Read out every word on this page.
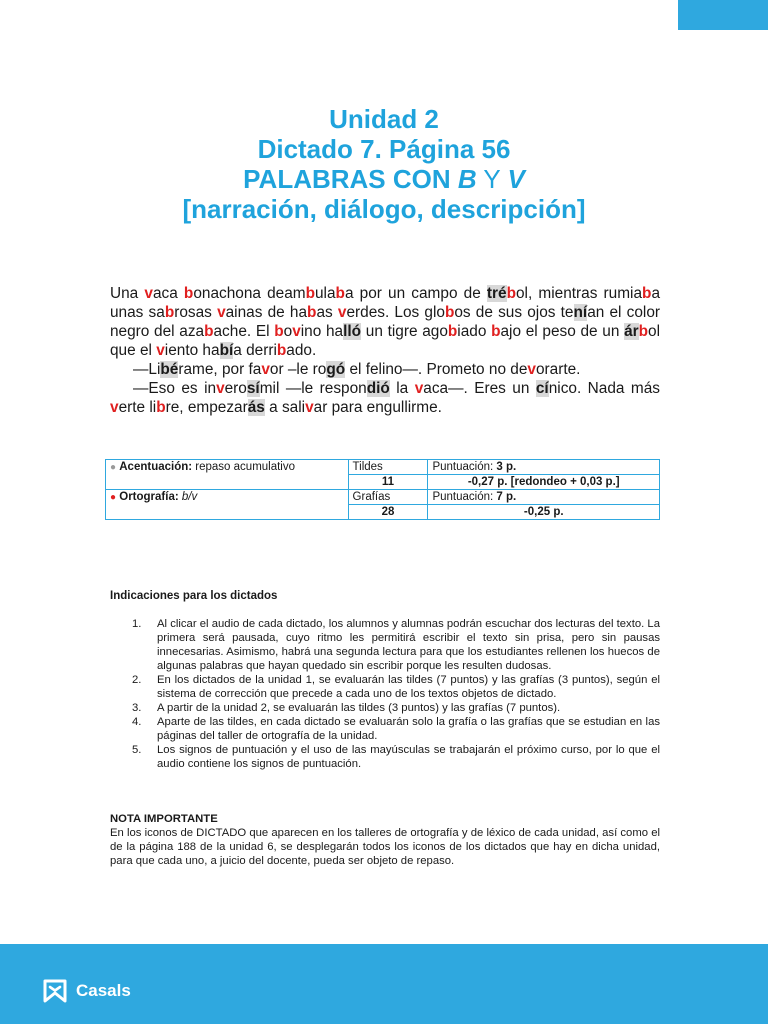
Unidad 2
Dictado 7. Página 56
PALABRAS CON B Y V
[narración, diálogo, descripción]

Una vaca bonachona deambulaba por un campo de trébol, mientras rumiaba unas sabrosas vainas de habas verdes. Los globos de sus ojos tenían el color negro del azabache. El bovino halló un tigre agobiado bajo el peso de un árbol que el viento había derribado.

—Libérame, por favor –le rogó el felino—. Prometo no devorarte.

—Eso es inverosímil —le respondió la vaca—. Eres un cínico. Nada más verte libre, empezarás a salivar para engullirme.

● Acentuación: repaso acumulativo	Tildes	Puntuación: 3 p.
	11	-0,27 p. [redondeo + 0,03 p.]
● Ortografía: b/v	Grafías	Puntuación: 7 p.
	28	-0,25 p.
Indicaciones para los dictados
1. Al clicar el audio de cada dictado, los alumnos y alumnas podrán escuchar dos lecturas del texto. La primera será pausada, cuyo ritmo les permitirá escribir el texto sin prisa, pero sin pausas innecesarias. Asimismo, habrá una segunda lectura para que los estudiantes rellenen los huecos de algunas palabras que hayan quedado sin escribir porque les resulten dudosas.
2. En los dictados de la unidad 1, se evaluarán las tildes (7 puntos) y las grafías (3 puntos), según el sistema de corrección que precede a cada uno de los textos objetos de dictado.
3. A partir de la unidad 2, se evaluarán las tildes (3 puntos) y las grafías (7 puntos).
4. Aparte de las tildes, en cada dictado se evaluarán solo la grafía o las grafías que se estudian en las páginas del taller de ortografía de la unidad.
5. Los signos de puntuación y el uso de las mayúsculas se trabajarán el próximo curso, por lo que el audio contiene los signos de puntuación.
NOTA IMPORTANTE
En los iconos de DICTADO que aparecen en los talleres de ortografía y de léxico de cada unidad, así como el de la página 188 de la unidad 6, se desplegarán todos los iconos de los dictados que hay en dicha unidad, para que cada uno, a juicio del docente, pueda ser objeto de repaso.
Casals
